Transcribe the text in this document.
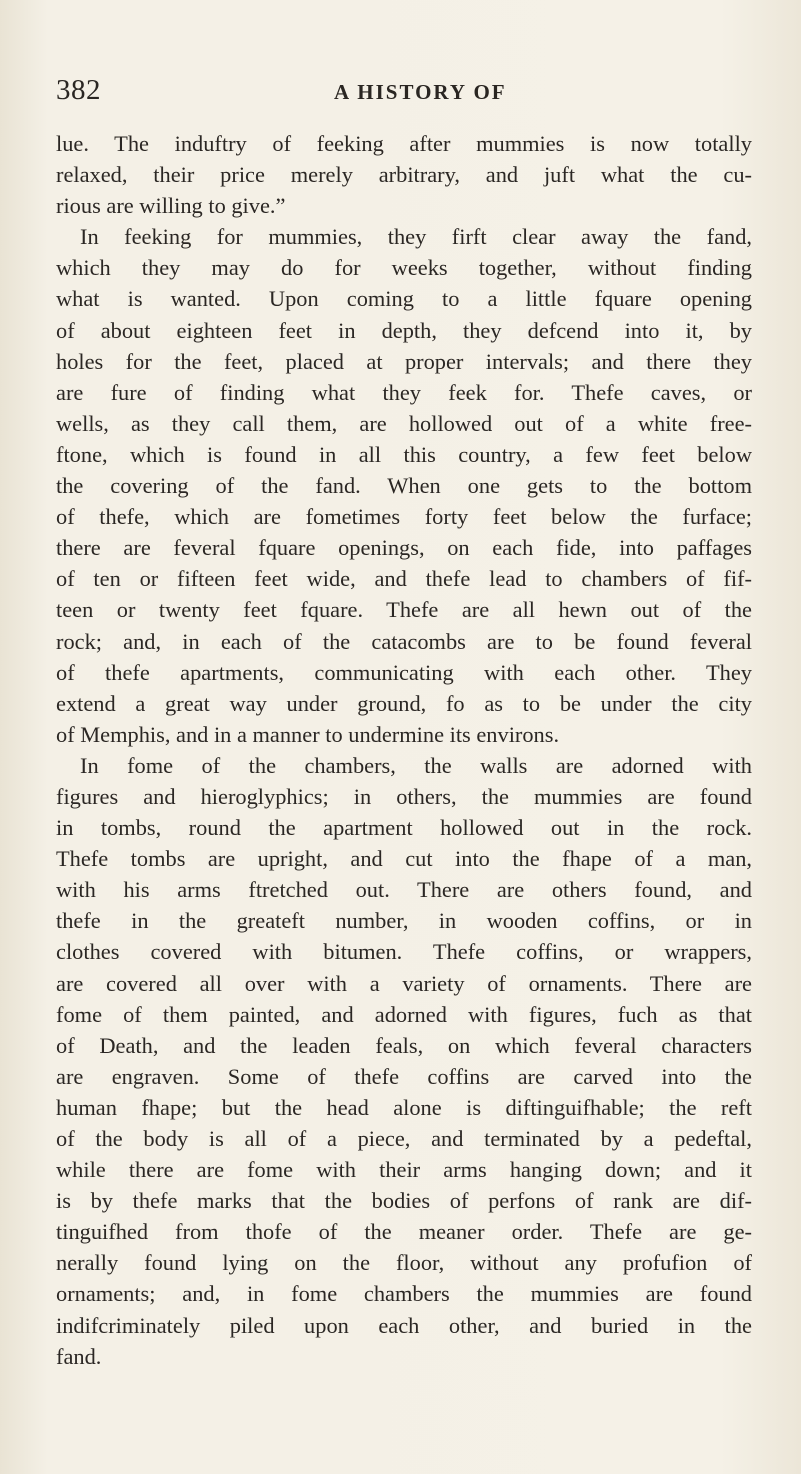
382	A HISTORY OF
lue. The induftry of feeking after mummies is now totally
relaxed, their price merely arbitrary, and juft what the cu-
rious are willing to give.”
In feeking for mummies, they firft clear away the fand,
which they may do for weeks together, without finding
what is wanted. Upon coming to a little fquare opening
of about eighteen feet in depth, they defcend into it, by
holes for the feet, placed at proper intervals; and there they
are fure of finding what they feek for. Thefe caves, or
wells, as they call them, are hollowed out of a white free-
ftone, which is found in all this country, a few feet below
the covering of the fand. When one gets to the bottom
of thefe, which are fometimes forty feet below the furface;
there are feveral fquare openings, on each fide, into paffages
of ten or fifteen feet wide, and thefe lead to chambers of fif-
teen or twenty feet fquare. Thefe are all hewn out of the
rock; and, in each of the catacombs are to be found feveral
of thefe apartments, communicating with each other. They
extend a great way under ground, fo as to be under the city
of Memphis, and in a manner to undermine its environs.
In fome of the chambers, the walls are adorned with
figures and hieroglyphics; in others, the mummies are found
in tombs, round the apartment hollowed out in the rock.
Thefe tombs are upright, and cut into the fhape of a man,
with his arms ftretched out. There are others found, and
thefe in the greateft number, in wooden coffins, or in
clothes covered with bitumen. Thefe coffins, or wrappers,
are covered all over with a variety of ornaments. There are
fome of them painted, and adorned with figures, fuch as that
of Death, and the leaden feals, on which feveral characters
are engraven. Some of thefe coffins are carved into the
human fhape; but the head alone is diftinguifhable; the reft
of the body is all of a piece, and terminated by a pedeftal,
while there are fome with their arms hanging down; and it
is by thefe marks that the bodies of perfons of rank are dif-
tinguifhed from thofe of the meaner order. Thefe are ge-
nerally found lying on the floor, without any profufion of
ornaments; and, in fome chambers the mummies are found
indifcriminately piled upon each other, and buried in the
fand.
